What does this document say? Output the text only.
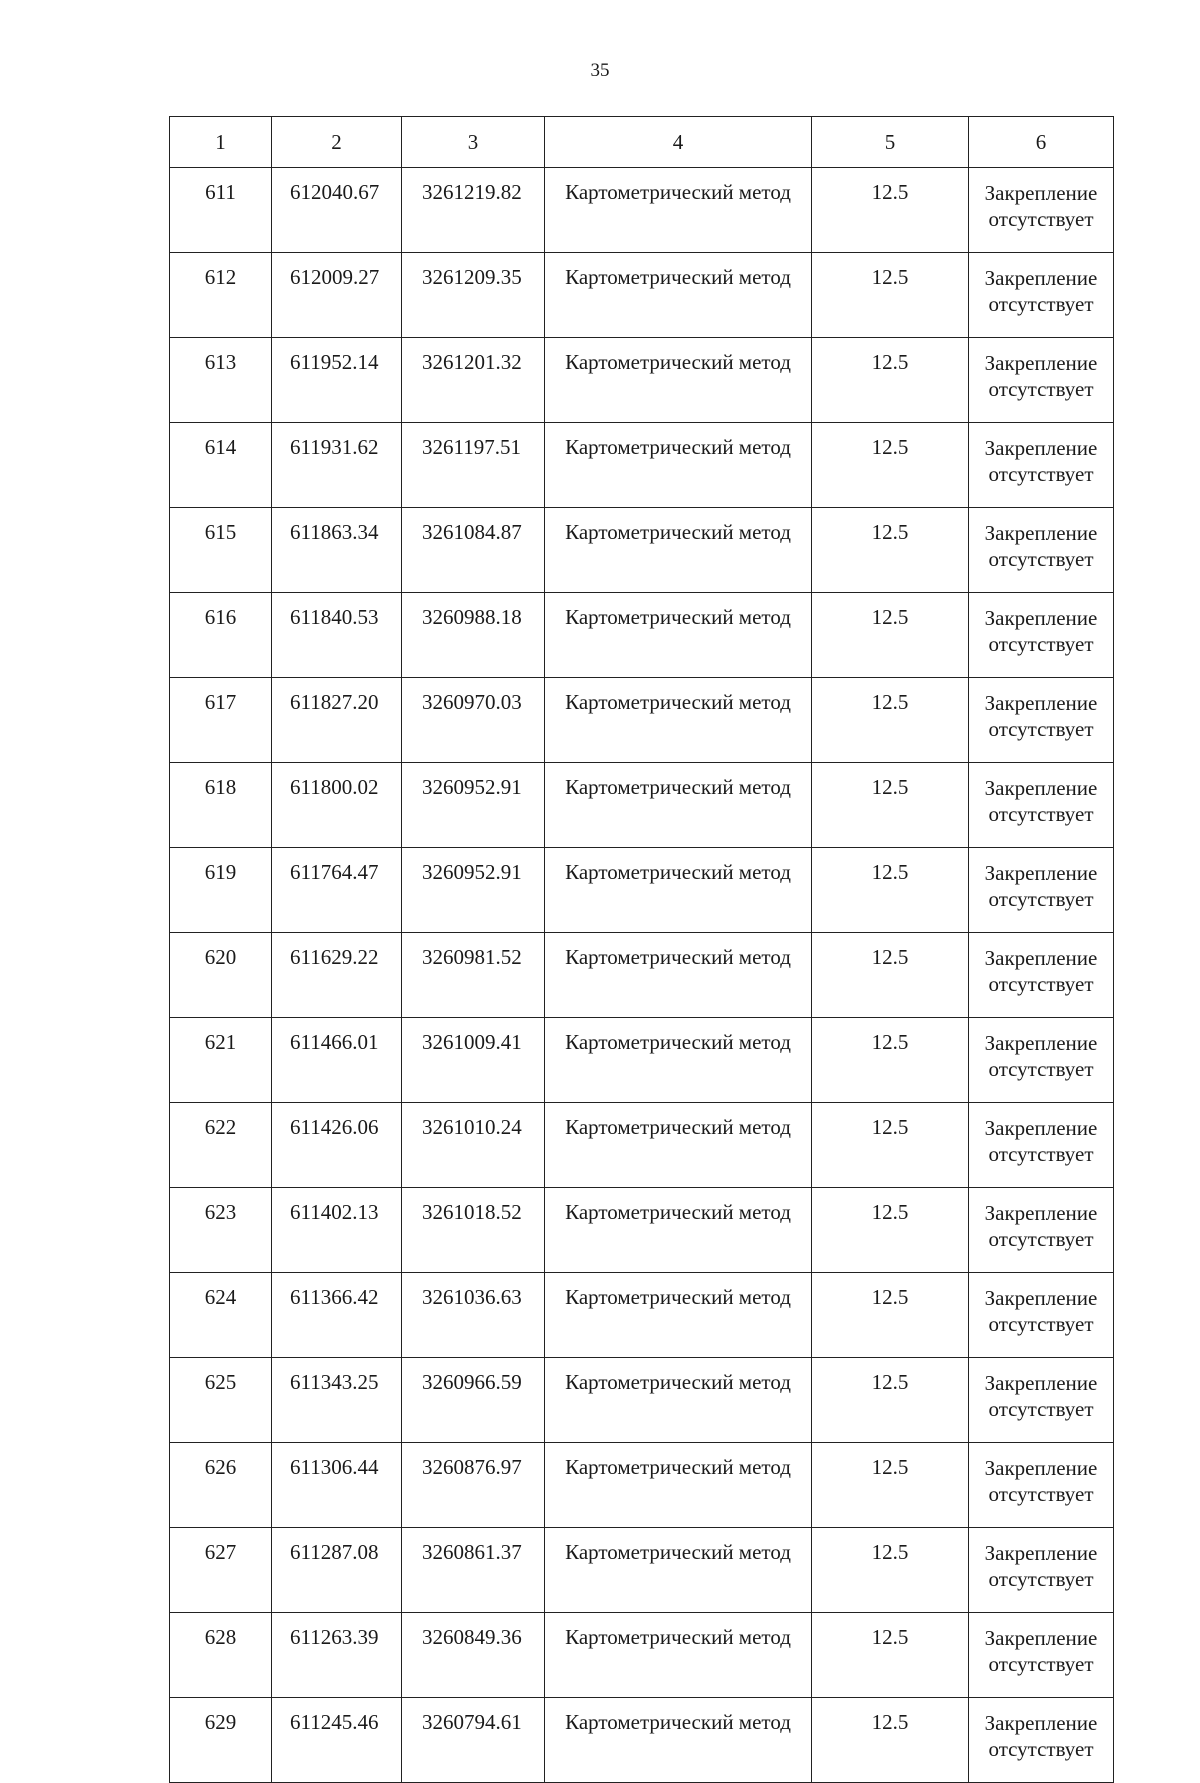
35
1	2	3	4	5	6
611	612040.67	3261219.82	Картометрический метод	12.5	Закрепление отсутствует
612	612009.27	3261209.35	Картометрический метод	12.5	Закрепление отсутствует
613	611952.14	3261201.32	Картометрический метод	12.5	Закрепление отсутствует
614	611931.62	3261197.51	Картометрический метод	12.5	Закрепление отсутствует
615	611863.34	3261084.87	Картометрический метод	12.5	Закрепление отсутствует
616	611840.53	3260988.18	Картометрический метод	12.5	Закрепление отсутствует
617	611827.20	3260970.03	Картометрический метод	12.5	Закрепление отсутствует
618	611800.02	3260952.91	Картометрический метод	12.5	Закрепление отсутствует
619	611764.47	3260952.91	Картометрический метод	12.5	Закрепление отсутствует
620	611629.22	3260981.52	Картометрический метод	12.5	Закрепление отсутствует
621	611466.01	3261009.41	Картометрический метод	12.5	Закрепление отсутствует
622	611426.06	3261010.24	Картометрический метод	12.5	Закрепление отсутствует
623	611402.13	3261018.52	Картометрический метод	12.5	Закрепление отсутствует
624	611366.42	3261036.63	Картометрический метод	12.5	Закрепление отсутствует
625	611343.25	3260966.59	Картометрический метод	12.5	Закрепление отсутствует
626	611306.44	3260876.97	Картометрический метод	12.5	Закрепление отсутствует
627	611287.08	3260861.37	Картометрический метод	12.5	Закрепление отсутствует
628	611263.39	3260849.36	Картометрический метод	12.5	Закрепление отсутствует
629	611245.46	3260794.61	Картометрический метод	12.5	Закрепление отсутствует
